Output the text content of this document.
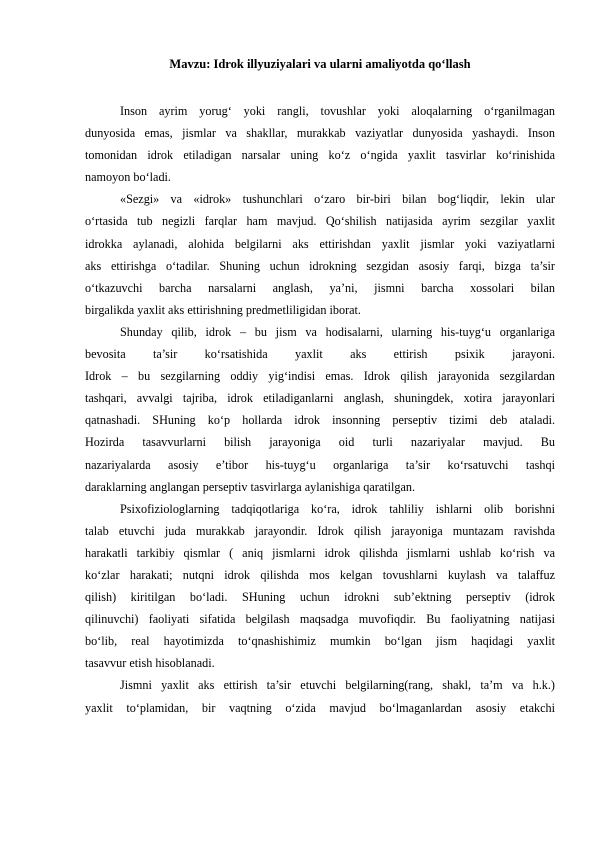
Mavzu: Idrok illyuziyalari va ularni amaliyotda qo‘llash
Inson ayrim yorug‘ yoki rangli, tovushlar yoki aloqalarning o‘rganilmagan
dunyosida emas, jismlar va shakllar, murakkab vaziyatlar dunyosida yashaydi. Inson
tomonidan idrok etiladigan narsalar uning ko‘z o‘ngida yaxlit tasvirlar ko‘rinishida
namoyon bo‘ladi.
«Sezgi» va «idrok» tushunchlari o‘zaro bir-biri bilan bog‘liqdir, lekin ular
o‘rtasida tub negizli farqlar ham mavjud. Qo‘shilish natijasida ayrim sezgilar yaxlit
idrokka aylanadi, alohida belgilarni aks ettirishdan yaxlit jismlar yoki vaziyatlarni
aks ettirishga o‘tadilar. Shuning uchun idrokning sezgidan asosiy farqi, bizga ta’sir
o‘tkazuvchi barcha narsalarni anglash, ya’ni, jismni barcha xossolari bilan
birgalikda yaxlit aks ettirishning predmetliligidan iborat.
Shunday qilib, idrok – bu jism va hodisalarni, ularning his-tuyg‘u organlariga
bevosita ta’sir ko‘rsatishida yaxlit aks ettirish psixik jarayoni.
Idrok – bu sezgilarning oddiy yig‘indisi emas. Idrok qilish jarayonida sezgilardan
tashqari, avvalgi tajriba, idrok etiladiganlarni anglash, shuningdek, xotira jarayonlari
qatnashadi. SHuning ko‘p hollarda idrok insonning perseptiv tizimi deb ataladi.
Hozirda tasavvurlarni bilish jarayoniga oid turli nazariyalar mavjud. Bu
nazariyalarda asosiy e’tibor his-tuyg‘u organlariga ta’sir ko‘rsatuvchi tashqi
daraklarning anglangan perseptiv tasvirlarga aylanishiga qaratilgan.
Psixofiziologlarning tadqiqotlariga ko‘ra, idrok tahliliy ishlarni olib borishni
talab etuvchi juda murakkab jarayondir. Idrok qilish jarayoniga muntazam ravishda
harakatli tarkibiy qismlar ( aniq jismlarni idrok qilishda jismlarni ushlab ko‘rish va
ko‘zlar harakati; nutqni idrok qilishda mos kelgan tovushlarni kuylash va talaffuz
qilish) kiritilgan bo‘ladi. SHuning uchun idrokni sub’ektning perseptiv (idrok
qilinuvchi) faoliyati sifatida belgilash maqsadga muvofiqdir. Bu faoliyatning natijasi
bo‘lib, real hayotimizda to‘qnashishimiz mumkin bo‘lgan jism haqidagi yaxlit
tasavvur etish hisoblanadi.
Jismni yaxlit aks ettirish ta’sir etuvchi belgilarning(rang, shakl, ta’m va h.k.)
yaxlit to‘plamidan, bir vaqtning o‘zida mavjud bo‘lmaganlardan asosiy etakchi
